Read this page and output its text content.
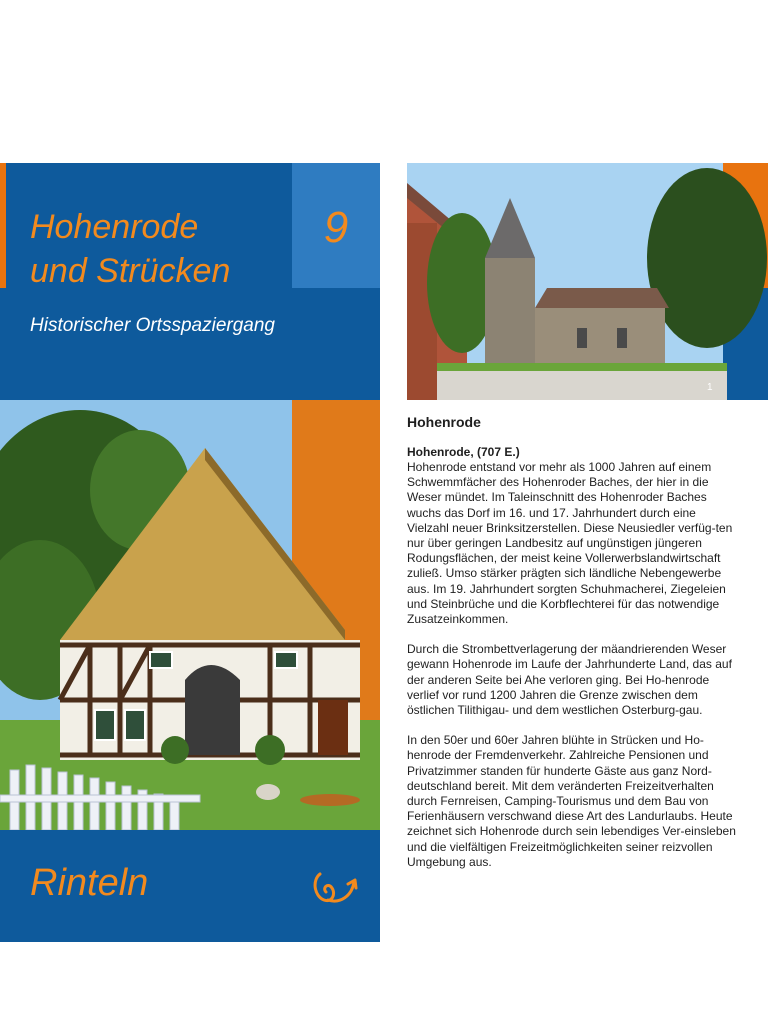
Hohenrode
und Strücken
9
Historischer Ortsspaziergang
Rinteln
1
Hohenrode
Hohenrode, (707 E.)

Hohenrode entstand vor mehr als 1000 Jahren auf einem Schwemmfächer des Hohenroder Baches, der hier in die Weser mündet. Im Taleinschnitt des Hohenroder Baches wuchs das Dorf im 16. und 17. Jahrhundert durch eine Vielzahl neuer Brinksitzerstellen. Diese Neusiedler verfüg-ten nur über geringen Landbesitz auf ungünstigen jüngeren Rodungsflächen, der meist keine Vollerwerbslandwirtschaft zuließ. Umso stärker prägten sich ländliche Nebengewerbe aus. Im 19. Jahrhundert sorgten Schuhmacherei, Ziegeleien und Steinbrüche und die Korbflechterei für das notwendige Zusatzeinkommen.

Durch die Strombettverlagerung der mäandrierenden Weser gewann Hohenrode im Laufe der Jahrhunderte Land, das auf der anderen Seite bei Ahe verloren ging. Bei Ho-henrode verlief vor rund 1200 Jahren die Grenze zwischen dem östlichen Tilithigau- und dem westlichen Osterburg-gau.

In den 50er und 60er Jahren blühte in Strücken und Ho-henrode der Fremdenverkehr. Zahlreiche Pensionen und Privatzimmer standen für hunderte Gäste aus ganz Nord-deutschland bereit. Mit dem veränderten Freizeitverhalten durch Fernreisen, Camping-Tourismus und dem Bau von Ferienhäusern verschwand diese Art des Landurlaubs. Heute zeichnet sich Hohenrode durch sein lebendiges Ver-einsleben und die vielfältigen Freizeitmöglichkeiten seiner reizvollen Umgebung aus.
